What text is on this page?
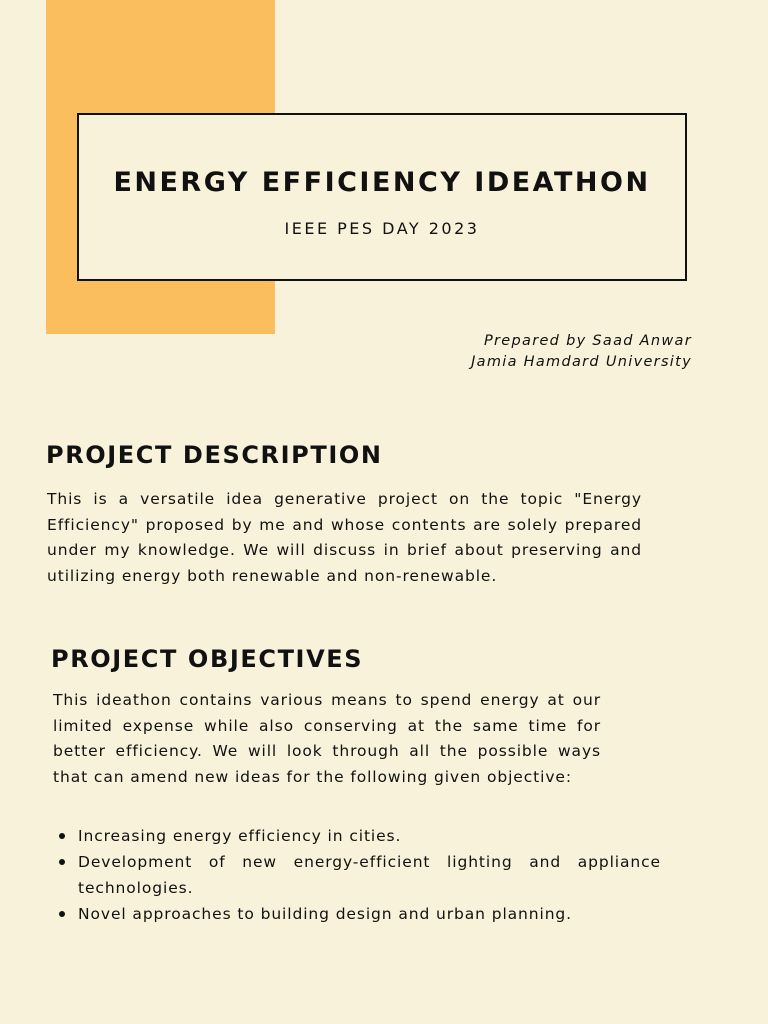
ENERGY EFFICIENCY IDEATHON
IEEE PES DAY 2023
Prepared by Saad Anwar
Jamia Hamdard University
PROJECT DESCRIPTION

This is a versatile idea generative project on the topic "Energy Efficiency" proposed by me and whose contents are solely prepared under my knowledge. We will discuss in brief about preserving and utilizing energy both renewable and non-renewable.

PROJECT OBJECTIVES

This ideathon contains various means to spend energy at our limited expense while also conserving at the same time for better efficiency. We will look through all the possible ways that can amend new ideas for the following given objective:

Increasing energy efficiency in cities.
Development of new energy-efficient lighting and appliance technologies.
Novel approaches to building design and urban planning.
